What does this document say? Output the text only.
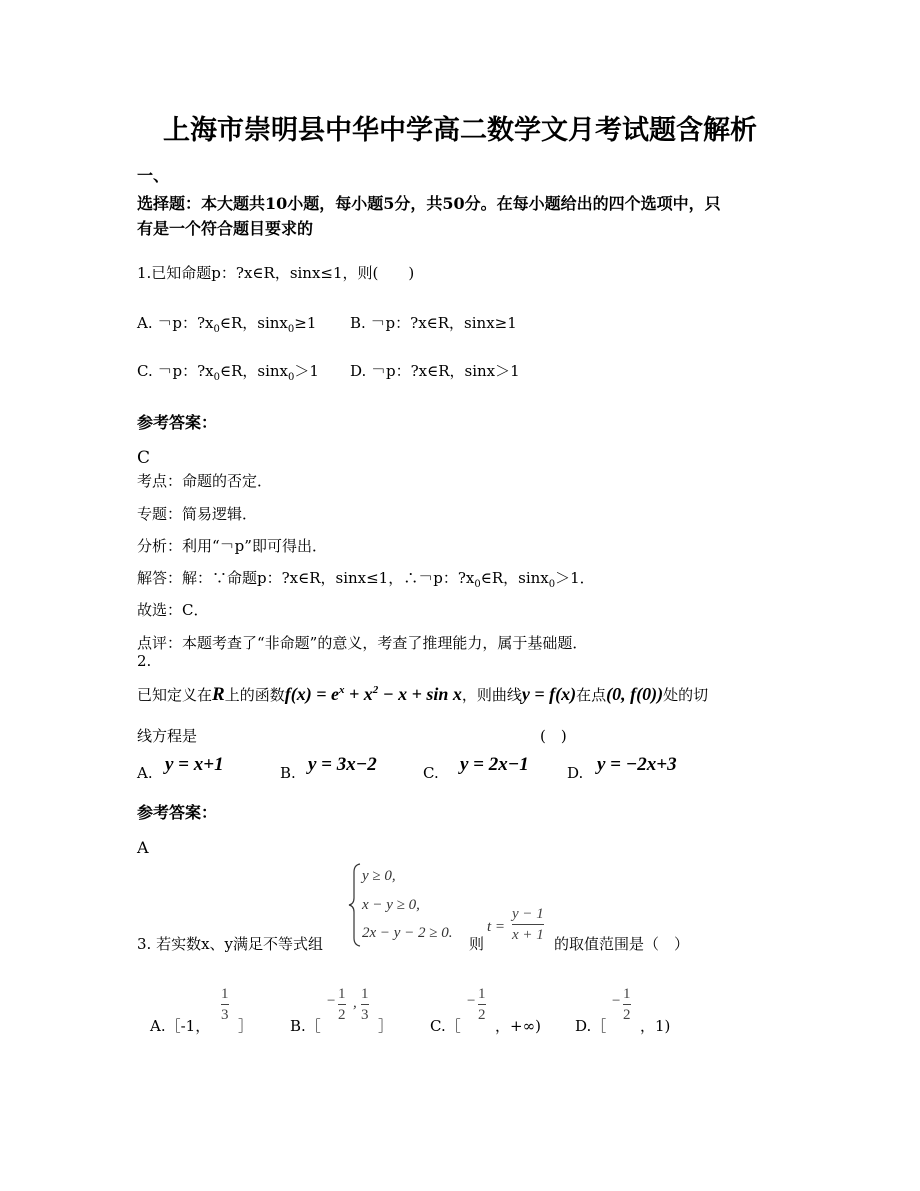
上海市崇明县中华中学高二数学文月考试题含解析
一、
选择题：本大题共10小题，每小题5分，共50分。在每小题给出的四个选项中，只
有是一个符合题目要求的
1.已知命题p：?x∈R，sinx≤1，则(　　)
A. ￢p：$?x_0\in R$，sinx$_0$≥1 B. ￢p：?x∈R，sinx≥1
C. ￢p：$?x_0\in R$，sinx$_0$＞1 D. ￢p：?x∈R，sinx＞1
参考答案：
C
考点：命题的否定．
专题：简易逻辑．
分析：利用“￢p”即可得出．
解答：解：∵命题p：?x∈R，sinx≤1，∴￢p：$?x_0\in R$，sinx$_0$＞1．
故选：C．
点评：本题考查了“非命题”的意义，考查了推理能力，属于基础题．
2.
已知定义在R上的函数$f(x) = e^x + x^2 - x + \sin x$，则曲线y = f(x)在点(0, f(0))处的切
线方程是	(　)
A. y = x+1	B. y = 3x−2	C. y = 2x−1	D. y = −2x+3
参考答案：
A
3. 若实数x、y满足不等式组
y ≥ 0,
x − y ≥ 0,
2x − y − 2 ≥ 0.
则
$t = \frac{y - 1}{x + 1}$ 的取值范围是（　）
A.［-1，
$\frac{1}{3}$
］ B.［
− $\frac{1}{2}$ , $\frac{1}{3}$
］ C.［
− $\frac{1}{2}$
，+∞) D.［
− $\frac{1}{2}$
，1)
